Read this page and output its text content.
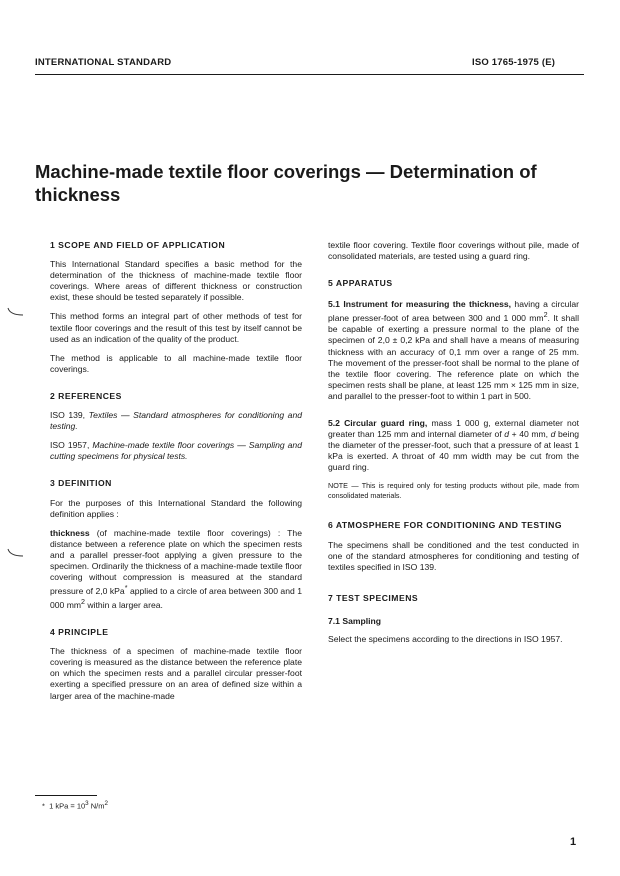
INTERNATIONAL STANDARD	ISO 1765-1975 (E)
Machine-made textile floor coverings — Determination of thickness
1 SCOPE AND FIELD OF APPLICATION

This International Standard specifies a basic method for the determination of the thickness of machine-made textile floor coverings. Where areas of different thickness or construction exist, these should be tested separately if possible.

This method forms an integral part of other methods of test for textile floor coverings and the result of this test by itself cannot be used as an indication of the quality of the product.

The method is applicable to all machine-made textile floor coverings.

2 REFERENCES

ISO 139, Textiles — Standard atmospheres for conditioning and testing.

ISO 1957, Machine-made textile floor coverings — Sampling and cutting specimens for physical tests.

3 DEFINITION

For the purposes of this International Standard the following definition applies :

thickness (of machine-made textile floor coverings) : The distance between a reference plate on which the specimen rests and a parallel presser-foot applying a given pressure to the specimen. Ordinarily the thickness of a machine-made textile floor covering without compression is measured at the standard pressure of 2,0 kPa* applied to a circle of area between 300 and 1 000 $mm^2$ within a larger area.

4 PRINCIPLE

The thickness of a specimen of machine-made textile floor covering is measured as the distance between the reference plate on which the specimen rests and a parallel circular presser-foot exerting a specified pressure on an area of defined size within a larger area of the machine-made

textile floor covering. Textile floor coverings without pile, made of consolidated materials, are tested using a guard ring.

5 APPARATUS

5.1 Instrument for measuring the thickness, having a circular plane presser-foot of area between 300 and 1 000 $mm^2$. It shall be capable of exerting a pressure normal to the plane of the specimen of 2,0 ± 0,2 kPa and shall have a means of measuring thickness with an accuracy of 0,1 mm over a range of 25 mm. The movement of the presser-foot shall be normal to the plane of the textile floor covering. The reference plate on which the specimen rests shall be plane, at least 125 mm × 125 mm in size, and parallel to the presser-foot to within 1 part in 500.

5.2 Circular guard ring, mass 1 000 g, external diameter not greater than 125 mm and internal diameter of d + 40 mm, d being the diameter of the presser-foot, such that a pressure of at least 1 kPa is exerted. A throat of 40 mm width may be cut from the guard ring.

NOTE — This is required only for testing products without pile, made from consolidated materials.

6 ATMOSPHERE FOR CONDITIONING AND TESTING

The specimens shall be conditioned and the test conducted in one of the standard atmospheres for conditioning and testing of textiles specified in ISO 139.

7 TEST SPECIMENS
7.1 Sampling

Select the specimens according to the directions in ISO 1957.

* 1 kPa = $10^3$ $N/m^2$
1
